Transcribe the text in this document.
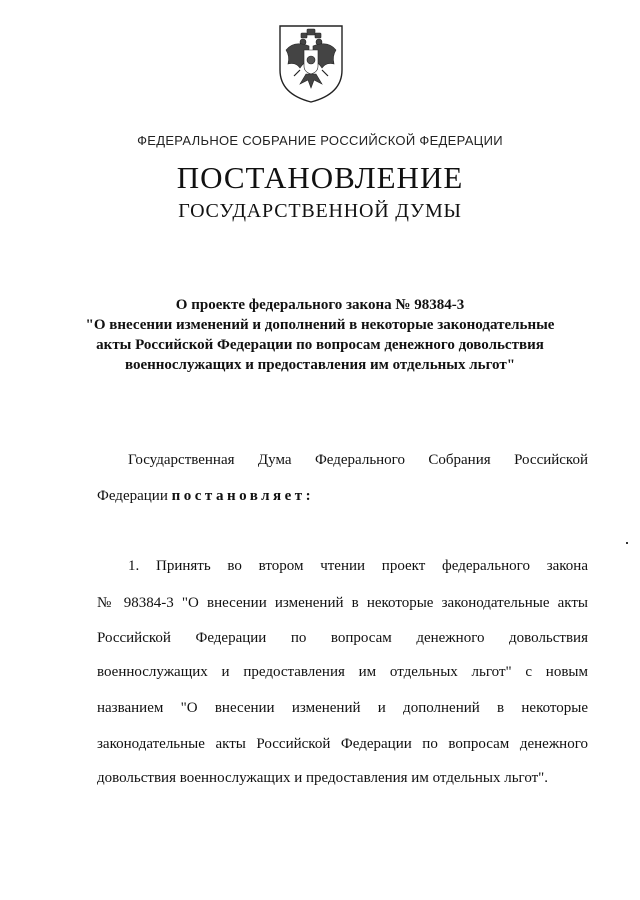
ФЕДЕРАЛЬНОЕ СОБРАНИЕ РОССИЙСКОЙ ФЕДЕРАЦИИ
ПОСТАНОВЛЕНИЕ
ГОСУДАРСТВЕННОЙ ДУМЫ
О проекте федерального закона № 98384-3
"О внесении изменений и дополнений в некоторые законодательные
акты Российской Федерации по вопросам денежного довольствия
военнослужащих и предоставления им отдельных льгот"
Государственная Дума Федерального Собрания Российской
Федерации постановляет:
1. Принять во втором чтении проект федерального закона
№ 98384-3 "О внесении изменений в некоторые законодательные акты
Российской Федерации по вопросам денежного довольствия
военнослужащих и предоставления им отдельных льгот" с новым
названием "О внесении изменений и дополнений в некоторые
законодательные акты Российской Федерации по вопросам денежного
довольствия военнослужащих и предоставления им отдельных льгот".
